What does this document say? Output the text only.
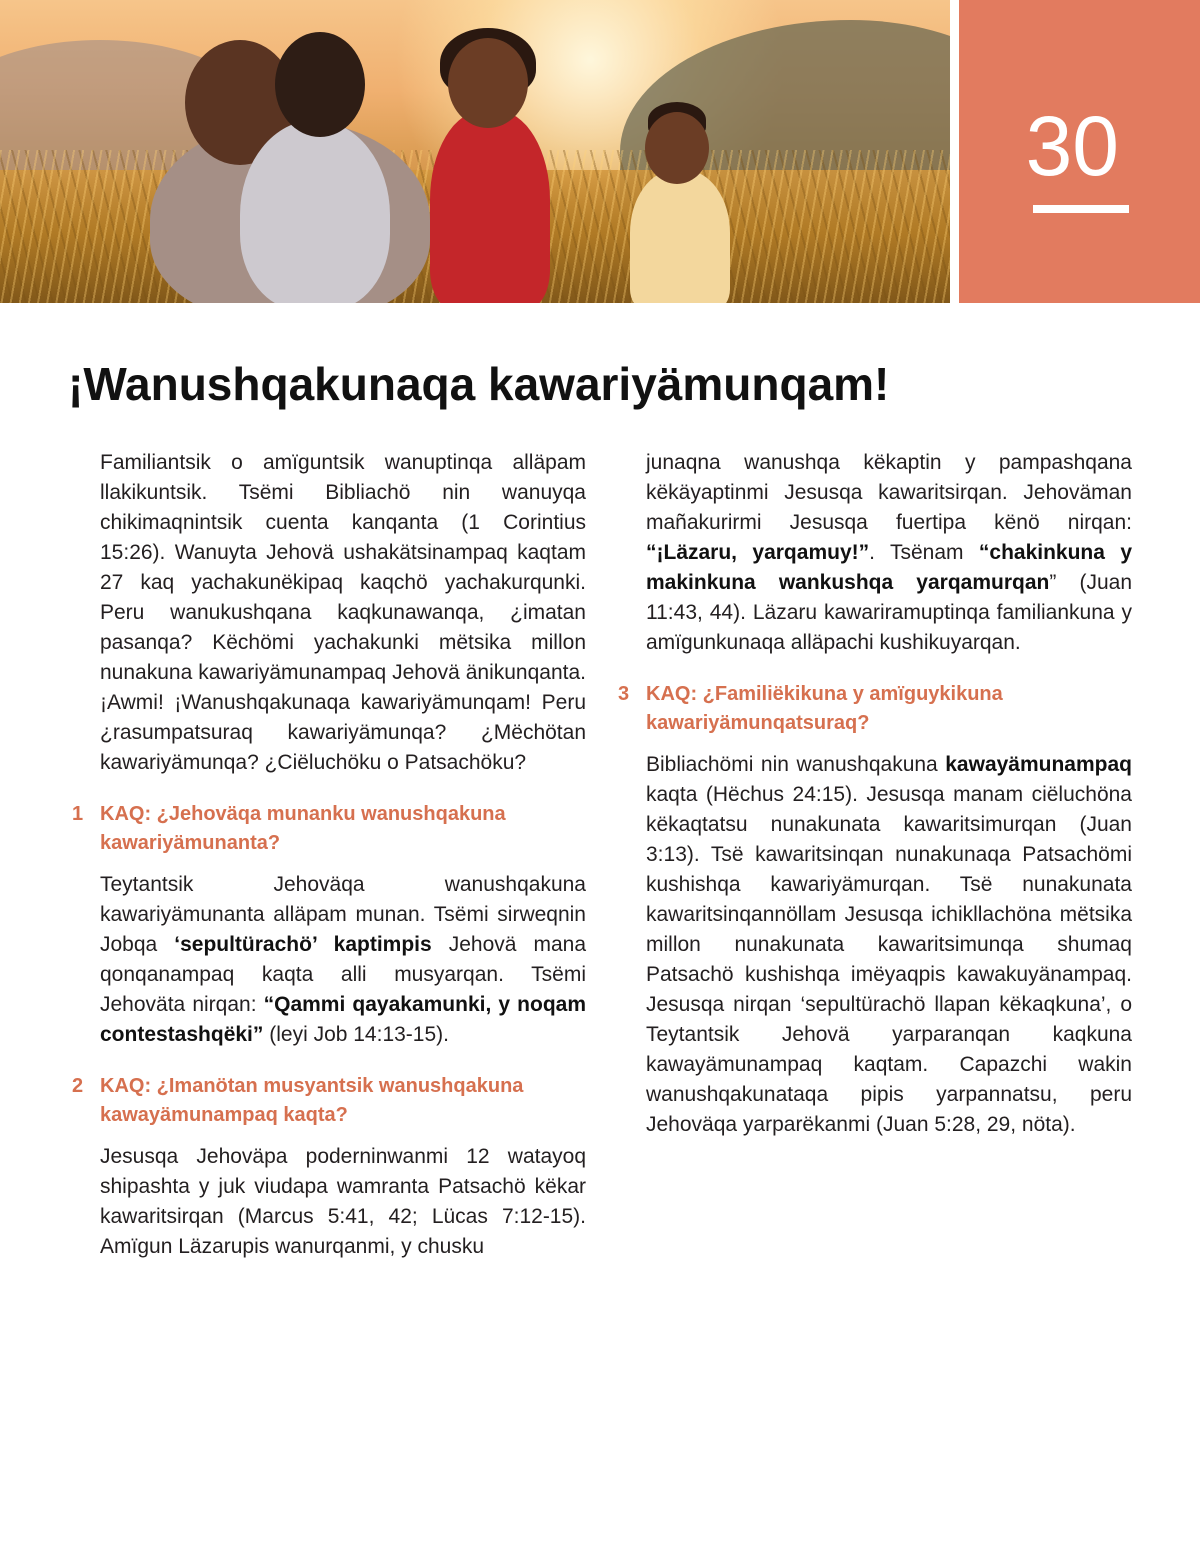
30
¡Wanushqakunaqa kawariyämunqam!

Familiantsik o amïguntsik wanuptinqa alläpam llakikuntsik. Tsëmi Bibliachö nin wanuyqa chikimaqnintsik cuenta kanqanta (1 Corintius 15:26). Wanuyta Jehovä ushakätsinampaq kaqtam 27 kaq yachakunëkipaq kaqchö yachakurqunki. Peru wanukushqana kaqkunawanqa, ¿imatan pasanqa? Këchömi yachakunki mëtsika millon nunakuna kawariyämunampaq Jehovä änikunqanta. ¡Awmi! ¡Wanushqakunaqa kawariyämunqam! Peru ¿rasumpatsuraq kawariyämunqa? ¿Mëchötan kawariyämunqa? ¿Ciëluchöku o Patsachöku?

1 KAQ: ¿Jehoväqa munanku wanushqakuna kawariyämunanta?

Teytantsik Jehoväqa wanushqakuna kawariyämunanta alläpam munan. Tsëmi sirweqnin Jobqa ‘sepultürachö’ kaptimpis Jehovä mana qonqanampaq kaqta alli musyarqan. Tsëmi Jehoväta nirqan: “Qammi qayakamunki, y noqam contestashqëki” (leyi Job 14:13-15).

2 KAQ: ¿Imanötan musyantsik wanushqakuna kawayämunampaq kaqta?

Jesusqa Jehoväpa poderninwanmi 12 watayoq shipashta y juk viudapa wamranta Patsachö këkar kawaritsirqan (Marcus 5:41, 42; Lücas 7:12-15). Amïgun Läzarupis wanurqanmi, y chusku

junaqna wanushqa këkaptin y pampashqana këkäyaptinmi Jesusqa kawaritsirqan. Jehoväman mañakurirmi Jesusqa fuertipa kënö nirqan: “¡Läzaru, yarqamuy!”. Tsënam “chakinkuna y makinkuna wankushqa yarqamurqan” (Juan 11:43, 44). Läzaru kawariramuptinqa familiankuna y amïgunkunaqa alläpachi kushikuyarqan.

3 KAQ: ¿Familiëkikuna y amïguykikuna kawariyämunqatsuraq?

Bibliachömi nin wanushqakuna kawayämunampaq kaqta (Hëchus 24:15). Jesusqa manam ciëluchöna këkaqtatsu nunakunata kawaritsimurqan (Juan 3:13). Tsë kawaritsinqan nunakunaqa Patsachömi kushishqa kawariyämurqan. Tsë nunakunata kawaritsinqannöllam Jesusqa ichikllachöna mëtsika millon nunakunata kawaritsimunqa shumaq Patsachö kushishqa imëyaqpis kawakuyänampaq. Jesusqa nirqan ‘sepultürachö llapan këkaqkuna’, o Teytantsik Jehovä yarparanqan kaqkuna kawayämunampaq kaqtam. Capazchi wakin wanushqakunataqa pipis yarpannatsu, peru Jehoväqa yarparëkanmi (Juan 5:28, 29, nöta).
